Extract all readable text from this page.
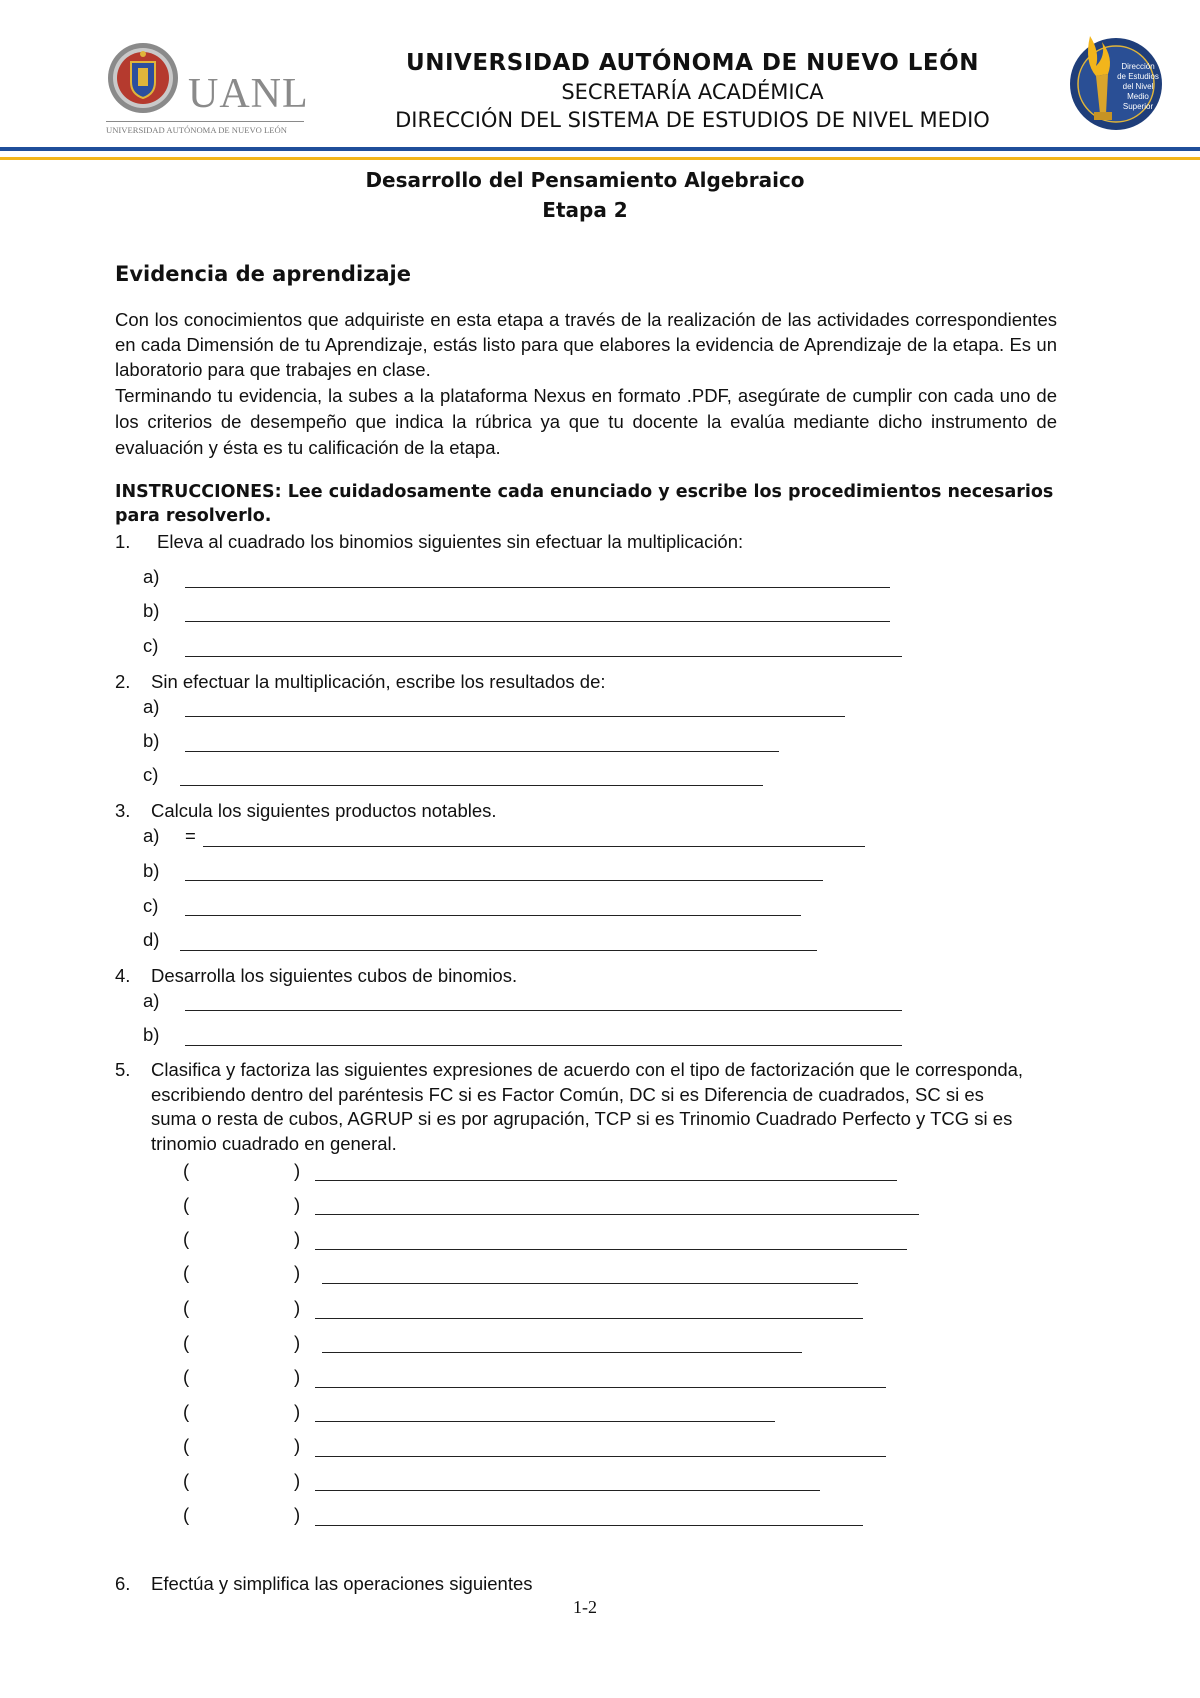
UANL
UNIVERSIDAD AUTÓNOMA DE NUEVO LEÓN
Dirección de Estudios del Nivel Medio Superior
UNIVERSIDAD AUTÓNOMA DE NUEVO LEÓN
SECRETARÍA ACADÉMICA
DIRECCIÓN DEL SISTEMA DE ESTUDIOS DE NIVEL MEDIO
Desarrollo del Pensamiento Algebraico
Etapa 2
Evidencia de aprendizaje
Con los conocimientos que adquiriste en esta etapa a través de la realización de las actividades correspondientes en cada Dimensión de tu Aprendizaje, estás listo para que elabores la evidencia de Aprendizaje de la etapa. Es un laboratorio para que trabajes en clase.
Terminando tu evidencia, la subes a la plataforma Nexus en formato .PDF, asegúrate de cumplir con cada uno de los criterios de desempeño que indica la rúbrica ya que tu docente la evalúa mediante dicho instrumento de evaluación y ésta es tu calificación de la etapa.
INSTRUCCIONES: Lee cuidadosamente cada enunciado y escribe los procedimientos necesarios para resolverlo.
1. Eleva al cuadrado los binomios siguientes sin efectuar la multiplicación:
a)
b)
c)
2. Sin efectuar la multiplicación, escribe los resultados de:
a)
b)
c)
3. Calcula los siguientes productos notables.
a) =
b)
c)
d)
4. Desarrolla los siguientes cubos de binomios.
a)
b)
5. Clasifica y factoriza las siguientes expresiones de acuerdo con el tipo de factorización que le corresponda, escribiendo dentro del paréntesis FC si es Factor Común, DC si es Diferencia de cuadrados, SC si es suma o resta de cubos, AGRUP si es por agrupación, TCP si es Trinomio Cuadrado Perfecto y TCG si es trinomio cuadrado en general.
(	)
(	)
(	)
(	)
(	)
(	)
(	)
(	)
(	)
(	)
(	)
6. Efectúa y simplifica las operaciones siguientes
1-2
